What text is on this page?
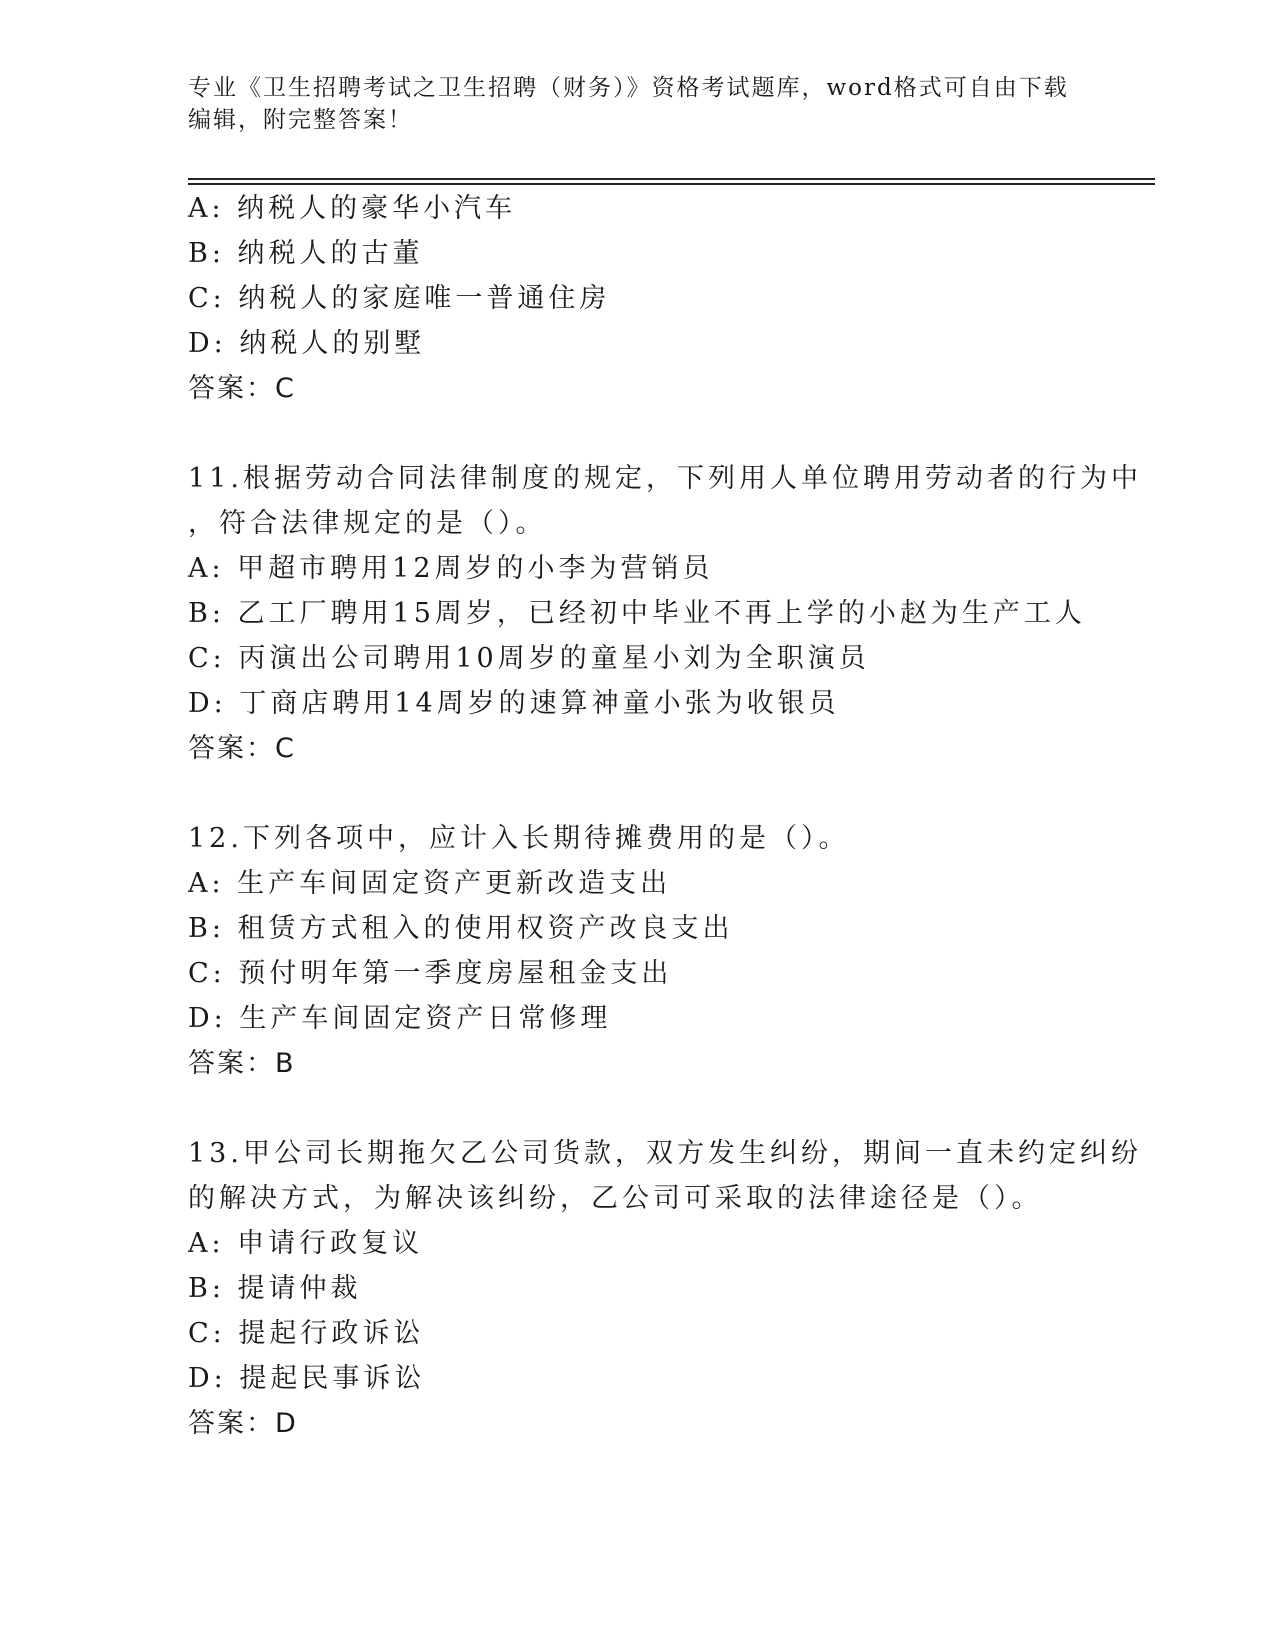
专业《卫生招聘考试之卫生招聘（财务）》资格考试题库，word格式可自由下载
编辑，附完整答案！
A: 纳税人的豪华小汽车
B: 纳税人的古董
C: 纳税人的家庭唯一普通住房
D: 纳税人的别墅
答案：C
11.根据劳动合同法律制度的规定，下列用人单位聘用劳动者的行为中
，符合法律规定的是（）。
A: 甲超市聘用12周岁的小李为营销员
B: 乙工厂聘用15周岁，已经初中毕业不再上学的小赵为生产工人
C: 丙演出公司聘用10周岁的童星小刘为全职演员
D: 丁商店聘用14周岁的速算神童小张为收银员
答案：C
12.下列各项中，应计入长期待摊费用的是（）。
A: 生产车间固定资产更新改造支出
B: 租赁方式租入的使用权资产改良支出
C: 预付明年第一季度房屋租金支出
D: 生产车间固定资产日常修理
答案：B
13.甲公司长期拖欠乙公司货款，双方发生纠纷，期间一直未约定纠纷
的解决方式，为解决该纠纷，乙公司可采取的法律途径是（）。
A: 申请行政复议
B: 提请仲裁
C: 提起行政诉讼
D: 提起民事诉讼
答案：D
